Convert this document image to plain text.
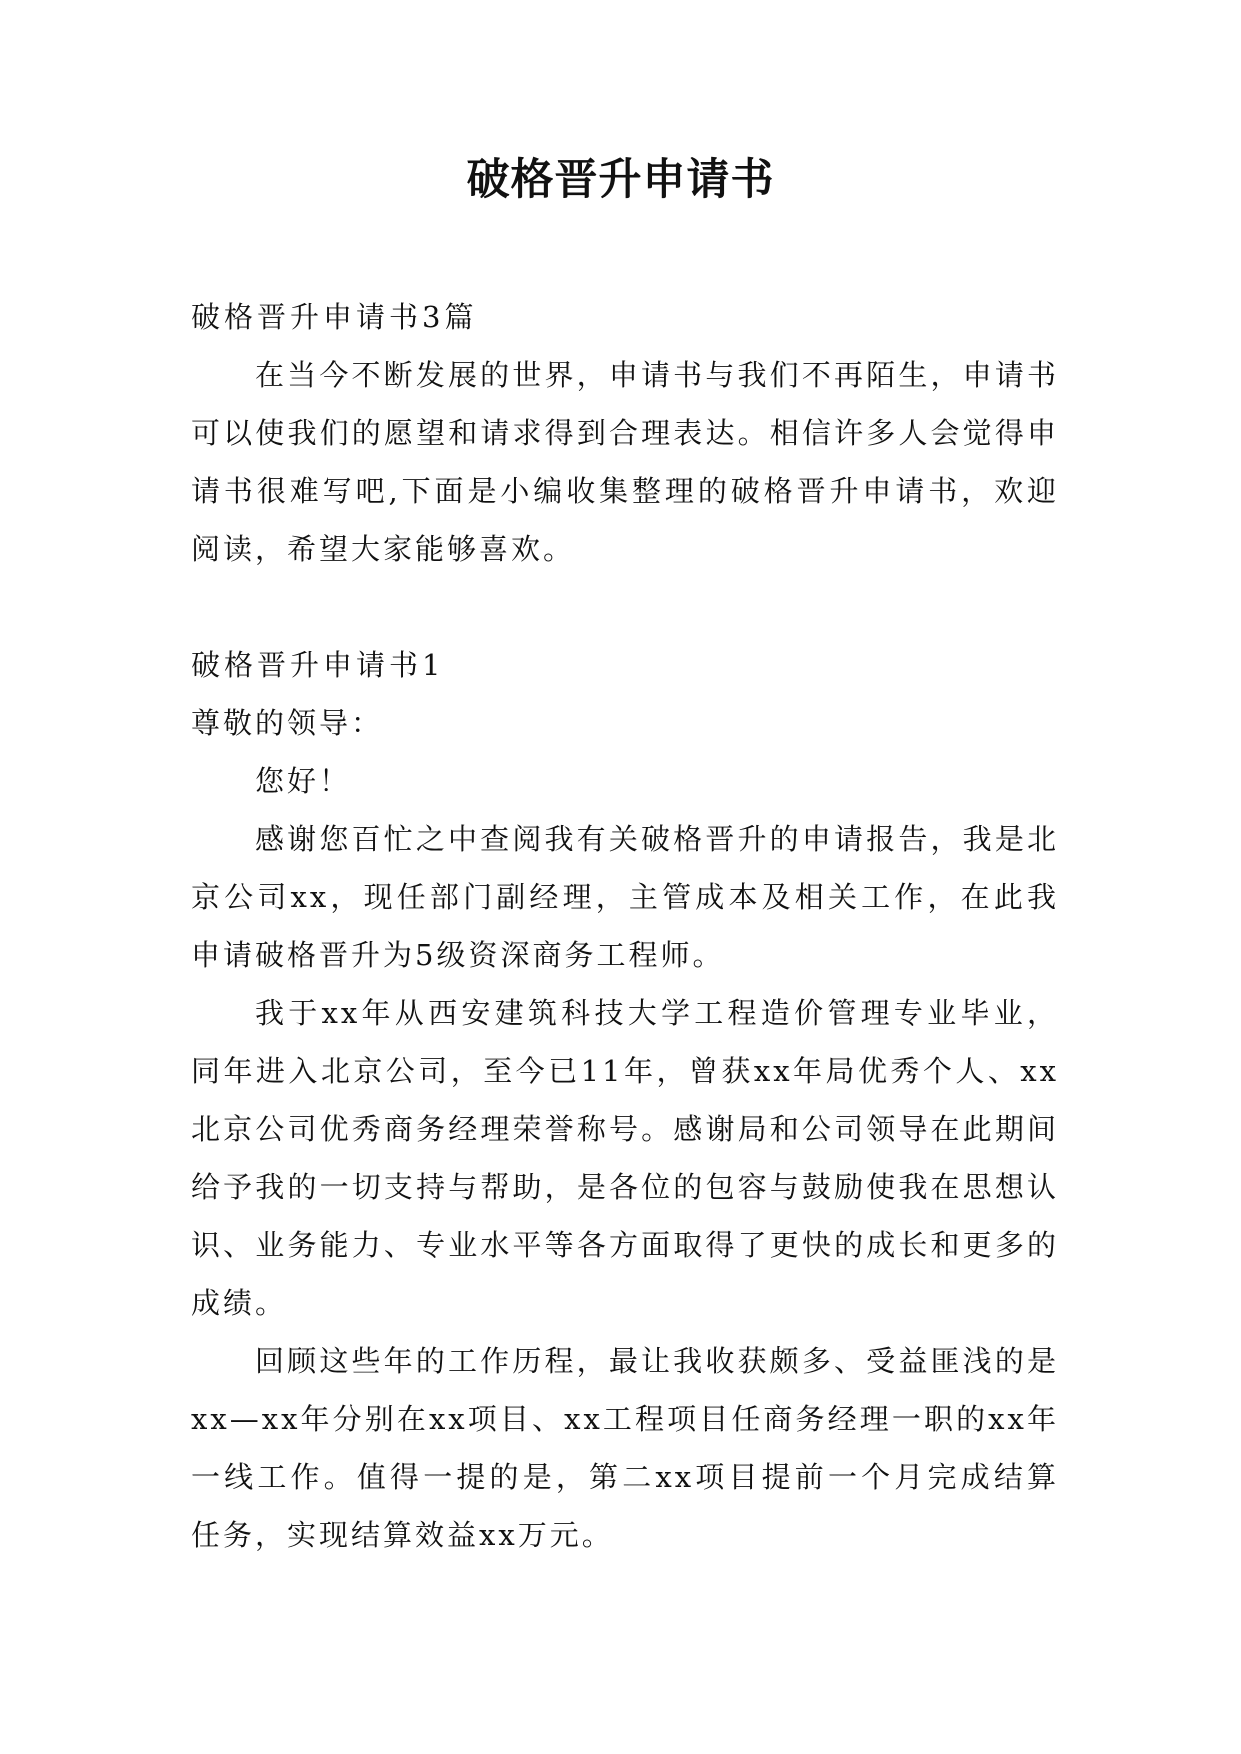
破格晋升申请书

破格晋升申请书3篇

在当今不断发展的世界，申请书与我们不再陌生，申请书可以使我们的愿望和请求得到合理表达。相信许多人会觉得申请书很难写吧,下面是小编收集整理的破格晋升申请书，欢迎阅读，希望大家能够喜欢。

破格晋升申请书1

尊敬的领导：

您好！

感谢您百忙之中查阅我有关破格晋升的申请报告，我是北京公司xx，现任部门副经理，主管成本及相关工作，在此我申请破格晋升为5级资深商务工程师。

我于xx年从西安建筑科技大学工程造价管理专业毕业，同年进入北京公司，至今已11年，曾获xx年局优秀个人、xx北京公司优秀商务经理荣誉称号。感谢局和公司领导在此期间给予我的一切支持与帮助，是各位的包容与鼓励使我在思想认识、业务能力、专业水平等各方面取得了更快的成长和更多的成绩。

回顾这些年的工作历程，最让我收获颇多、受益匪浅的是xx—xx年分别在xx项目、xx工程项目任商务经理一职的xx年一线工作。值得一提的是，第二xx项目提前一个月完成结算任务，实现结算效益xx万元。
